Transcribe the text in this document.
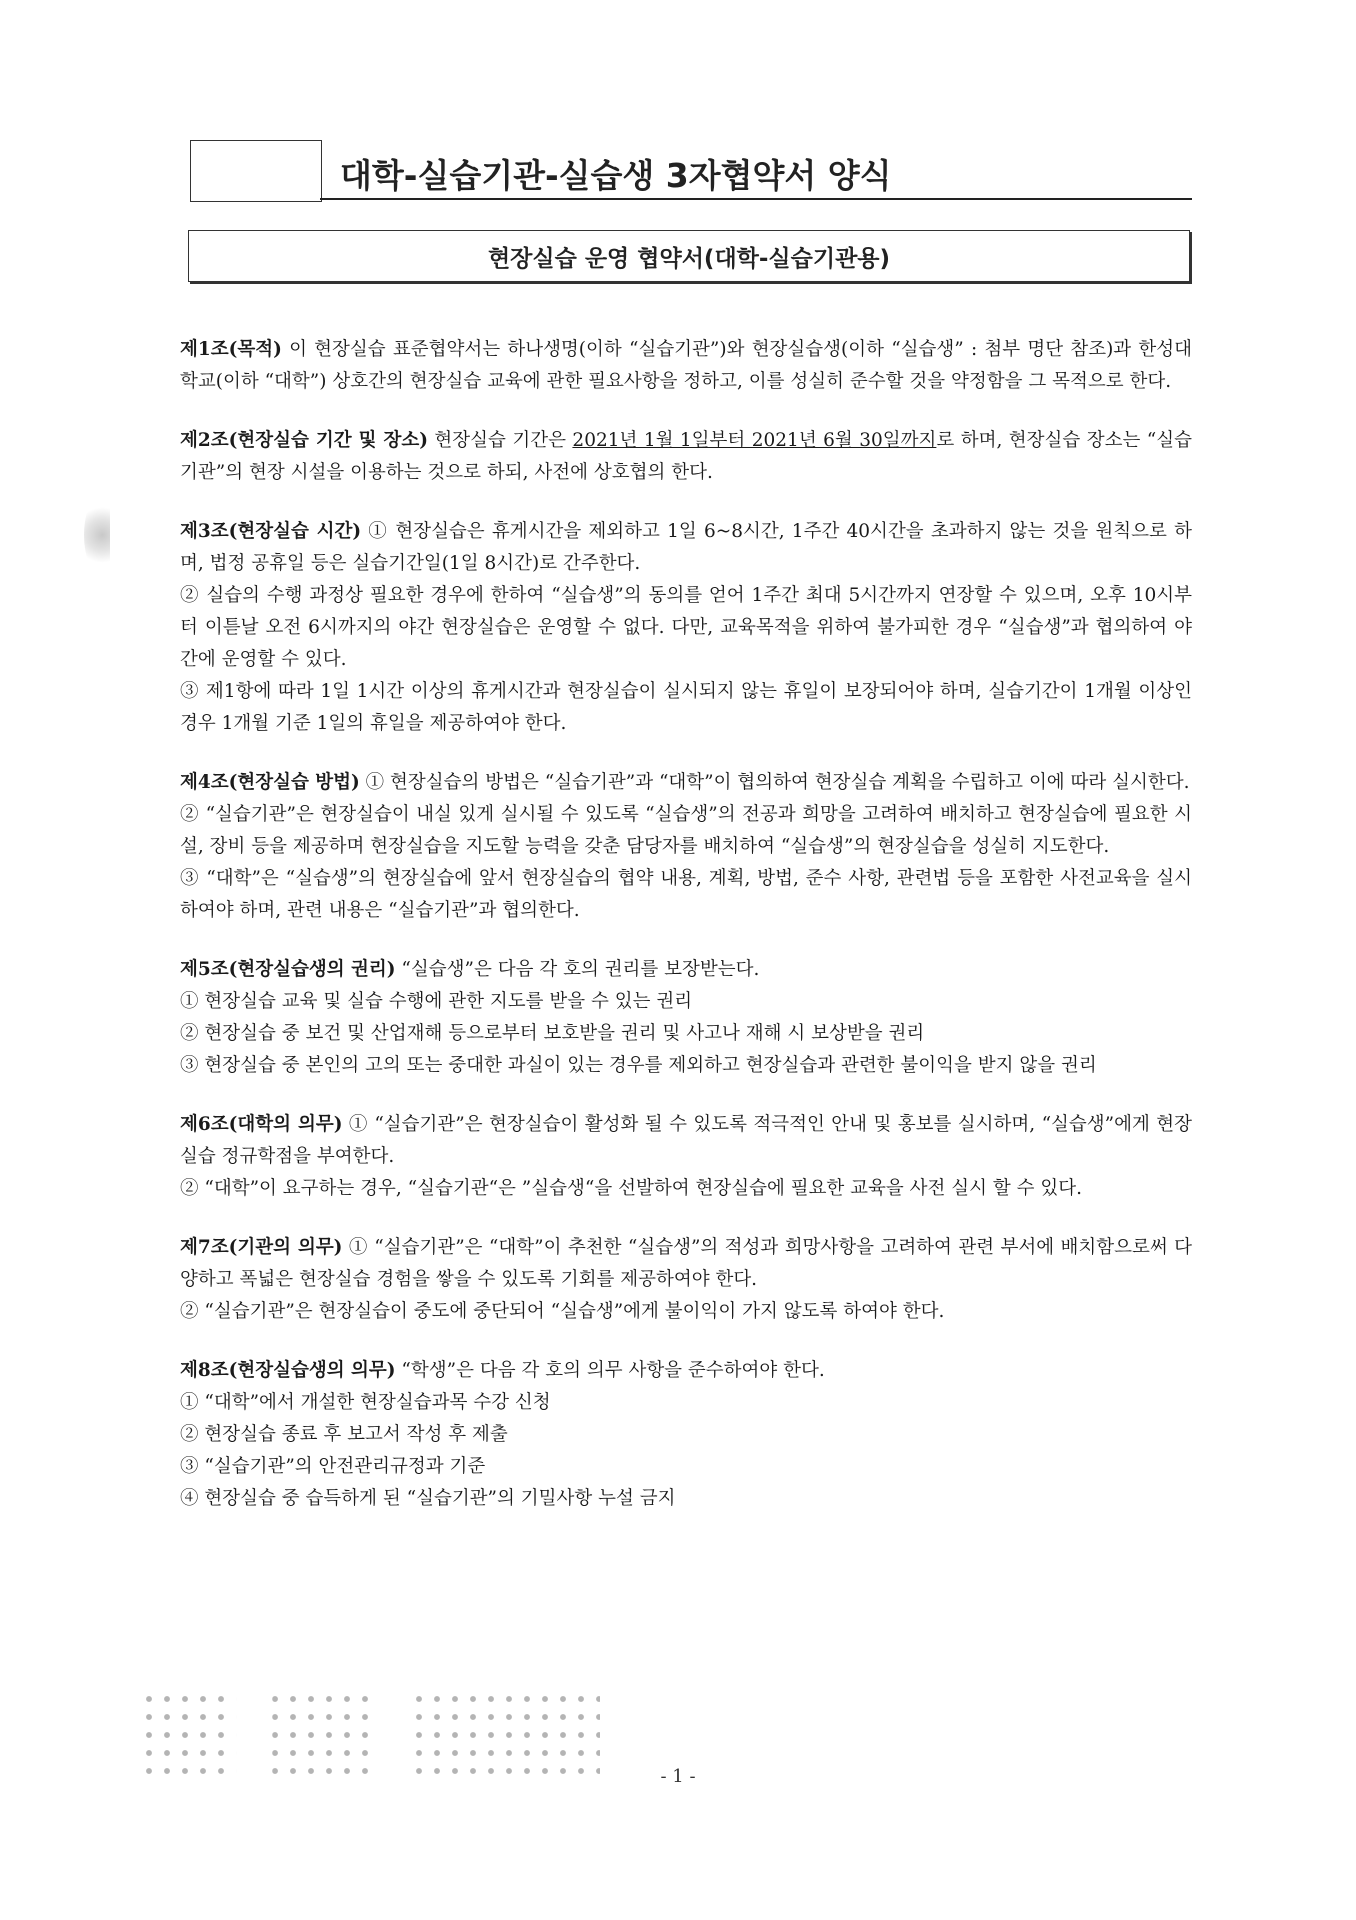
대학-실습기관-실습생 3자협약서 양식
현장실습 운영 협약서(대학-실습기관용)

제1조(목적) 이 현장실습 표준협약서는 하나생명(이하 “실습기관”)와 현장실습생(이하 “실습생” : 첨부 명단 참조)과 한성대학교(이하 “대학”) 상호간의 현장실습 교육에 관한 필요사항을 정하고, 이를 성실히 준수할 것을 약정함을 그 목적으로 한다.

제2조(현장실습 기간 및 장소) 현장실습 기간은 2021년 1월 1일부터 2021년 6월 30일까지로 하며, 현장실습 장소는 “실습기관”의 현장 시설을 이용하는 것으로 하되, 사전에 상호협의 한다.

제3조(현장실습 시간) ① 현장실습은 휴게시간을 제외하고 1일 6~8시간, 1주간 40시간을 초과하지 않는 것을 원칙으로 하며, 법정 공휴일 등은 실습기간일(1일 8시간)로 간주한다.

② 실습의 수행 과정상 필요한 경우에 한하여 “실습생”의 동의를 얻어 1주간 최대 5시간까지 연장할 수 있으며, 오후 10시부터 이튿날 오전 6시까지의 야간 현장실습은 운영할 수 없다. 다만, 교육목적을 위하여 불가피한 경우 “실습생”과 협의하여 야간에 운영할 수 있다.

③ 제1항에 따라 1일 1시간 이상의 휴게시간과 현장실습이 실시되지 않는 휴일이 보장되어야 하며, 실습기간이 1개월 이상인 경우 1개월 기준 1일의 휴일을 제공하여야 한다.

제4조(현장실습 방법) ① 현장실습의 방법은 “실습기관”과 “대학”이 협의하여 현장실습 계획을 수립하고 이에 따라 실시한다.

② “실습기관”은 현장실습이 내실 있게 실시될 수 있도록 “실습생”의 전공과 희망을 고려하여 배치하고 현장실습에 필요한 시설, 장비 등을 제공하며 현장실습을 지도할 능력을 갖춘 담당자를 배치하여 “실습생”의 현장실습을 성실히 지도한다.

③ “대학”은 “실습생”의 현장실습에 앞서 현장실습의 협약 내용, 계획, 방법, 준수 사항, 관련법 등을 포함한 사전교육을 실시하여야 하며, 관련 내용은 “실습기관”과 협의한다.

제5조(현장실습생의 권리) “실습생”은 다음 각 호의 권리를 보장받는다.

① 현장실습 교육 및 실습 수행에 관한 지도를 받을 수 있는 권리

② 현장실습 중 보건 및 산업재해 등으로부터 보호받을 권리 및 사고나 재해 시 보상받을 권리

③ 현장실습 중 본인의 고의 또는 중대한 과실이 있는 경우를 제외하고 현장실습과 관련한 불이익을 받지 않을 권리

제6조(대학의 의무) ① “실습기관”은 현장실습이 활성화 될 수 있도록 적극적인 안내 및 홍보를 실시하며, “실습생”에게 현장실습 정규학점을 부여한다.

② “대학”이 요구하는 경우, “실습기관“은 ”실습생“을 선발하여 현장실습에 필요한 교육을 사전 실시 할 수 있다.

제7조(기관의 의무) ① “실습기관”은 “대학”이 추천한 “실습생”의 적성과 희망사항을 고려하여 관련 부서에 배치함으로써 다양하고 폭넓은 현장실습 경험을 쌓을 수 있도록 기회를 제공하여야 한다.

② “실습기관”은 현장실습이 중도에 중단되어 “실습생”에게 불이익이 가지 않도록 하여야 한다.

제8조(현장실습생의 의무) “학생”은 다음 각 호의 의무 사항을 준수하여야 한다.

① “대학”에서 개설한 현장실습과목 수강 신청

② 현장실습 종료 후 보고서 작성 후 제출

③ “실습기관”의 안전관리규정과 기준

④ 현장실습 중 습득하게 된 “실습기관”의 기밀사항 누설 금지

- 1 -
